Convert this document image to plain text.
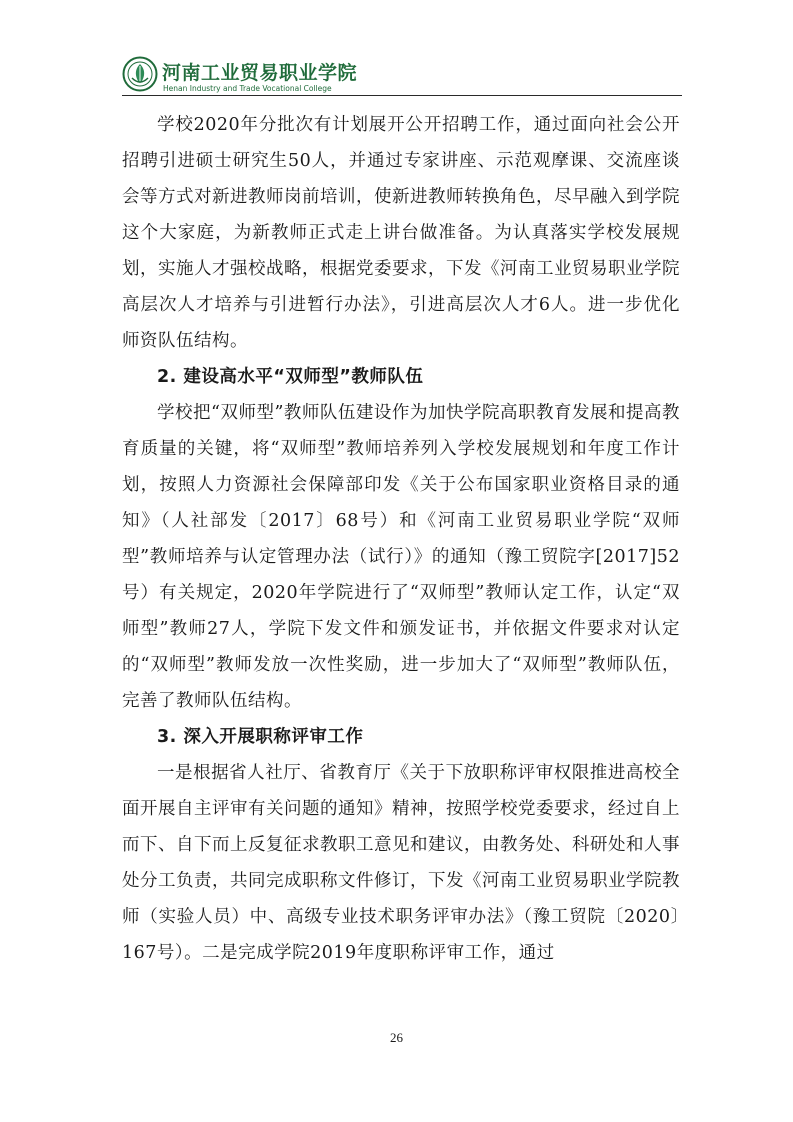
河南工业贸易职业学院
Henan Industry and Trade Vocational College

学校2020年分批次有计划展开公开招聘工作，通过面向社会公开招聘引进硕士研究生50人，并通过专家讲座、示范观摩课、交流座谈会等方式对新进教师岗前培训，使新进教师转换角色，尽早融入到学院这个大家庭，为新教师正式走上讲台做准备。为认真落实学校发展规划，实施人才强校战略，根据党委要求，下发《河南工业贸易职业学院高层次人才培养与引进暂行办法》，引进高层次人才6人。进一步优化师资队伍结构。

2. 建设高水平“双师型”教师队伍

学校把“双师型”教师队伍建设作为加快学院高职教育发展和提高教育质量的关键，将“双师型”教师培养列入学校发展规划和年度工作计划，按照人力资源社会保障部印发《关于公布国家职业资格目录的通知》（人社部发〔2017〕68号）和《河南工业贸易职业学院“双师型”教师培养与认定管理办法（试行）》的通知（豫工贸院字[2017]52号）有关规定，2020年学院进行了“双师型”教师认定工作，认定“双师型”教师27人，学院下发文件和颁发证书，并依据文件要求对认定的“双师型”教师发放一次性奖励，进一步加大了“双师型”教师队伍，完善了教师队伍结构。

3. 深入开展职称评审工作

一是根据省人社厅、省教育厅《关于下放职称评审权限推进高校全面开展自主评审有关问题的通知》精神，按照学校党委要求，经过自上而下、自下而上反复征求教职工意见和建议，由教务处、科研处和人事处分工负责，共同完成职称文件修订，下发《河南工业贸易职业学院教师（实验人员）中、高级专业技术职务评审办法》（豫工贸院〔2020〕167号）。二是完成学院2019年度职称评审工作，通过

26
